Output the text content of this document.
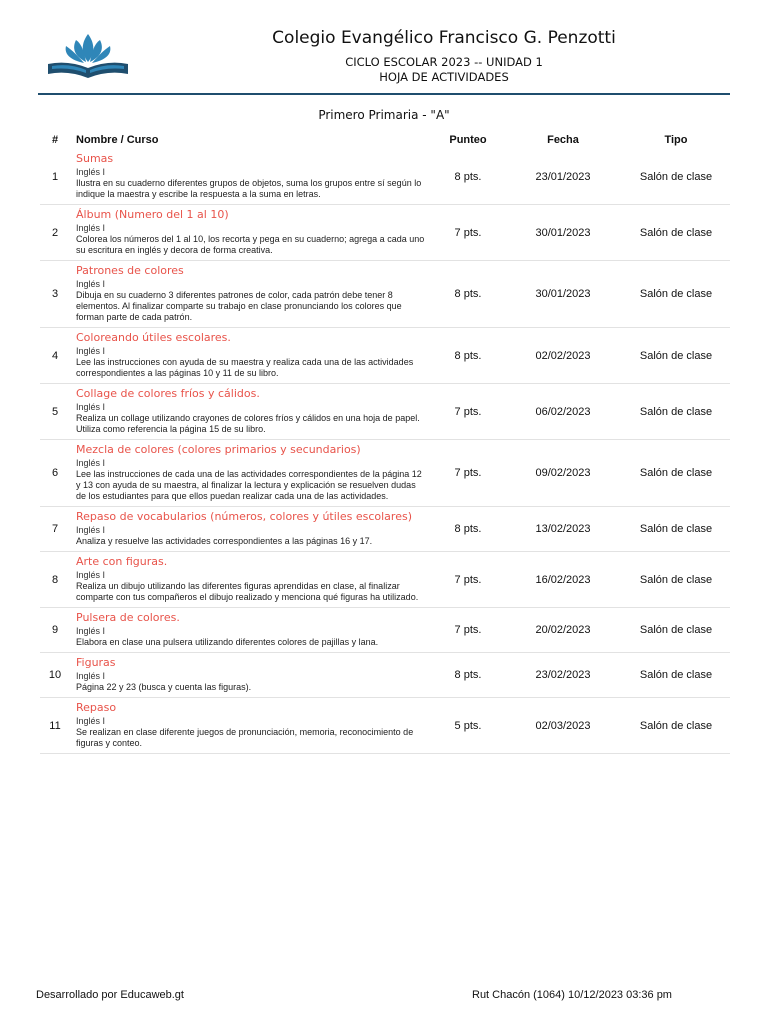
Colegio Evangélico Francisco G. Penzotti
CICLO ESCOLAR 2023 -- UNIDAD 1
HOJA DE ACTIVIDADES
Primero Primaria - "A"
#	Nombre / Curso	Punteo	Fecha	Tipo
1	Sumas
Inglés I
Ilustra en su cuaderno diferentes grupos de objetos, suma los grupos entre sí según lo indique la maestra y escribe la respuesta a la suma en letras.	8 pts.	23/01/2023	Salón de clase
2	Álbum (Numero del 1 al 10)
Inglés I
Colorea los números del 1 al 10, los recorta y pega en su cuaderno; agrega a cada uno su escritura en inglés y decora de forma creativa.	7 pts.	30/01/2023	Salón de clase
3	Patrones de colores
Inglés I
Dibuja en su cuaderno 3 diferentes patrones de color, cada patrón debe tener 8 elementos. Al finalizar comparte su trabajo en clase pronunciando los colores que forman parte de cada patrón.	8 pts.	30/01/2023	Salón de clase
4	Coloreando útiles escolares.
Inglés I
Lee las instrucciones con ayuda de su maestra y realiza cada una de las actividades correspondientes a las páginas 10 y 11 de su libro.	8 pts.	02/02/2023	Salón de clase
5	Collage de colores fríos y cálidos.
Inglés I
Realiza un collage utilizando crayones de colores fríos y cálidos en una hoja de papel. Utiliza como referencia la página 15 de su libro.	7 pts.	06/02/2023	Salón de clase
6	Mezcla de colores (colores primarios y secundarios)
Inglés I
Lee las instrucciones de cada una de las actividades correspondientes de la página 12 y 13 con ayuda de su maestra, al finalizar la lectura y explicación se resuelven dudas de los estudiantes para que ellos puedan realizar cada una de las actividades.	7 pts.	09/02/2023	Salón de clase
7	Repaso de vocabularios (números, colores y útiles escolares)
Inglés I
Analiza y resuelve las actividades correspondientes a las páginas 16 y 17.	8 pts.	13/02/2023	Salón de clase
8	Arte con figuras.
Inglés I
Realiza un dibujo utilizando las diferentes figuras aprendidas en clase, al finalizar comparte con tus compañeros el dibujo realizado y menciona qué figuras ha utilizado.	7 pts.	16/02/2023	Salón de clase
9	Pulsera de colores.
Inglés I
Elabora en clase una pulsera utilizando diferentes colores de pajillas y lana.	7 pts.	20/02/2023	Salón de clase
10	Figuras
Inglés I
Página 22 y 23 (busca y cuenta las figuras).	8 pts.	23/02/2023	Salón de clase
11	Repaso
Inglés I
Se realizan en clase diferente juegos de pronunciación, memoria, reconocimiento de figuras y conteo.	5 pts.	02/03/2023	Salón de clase
Desarrollado por Educaweb.gt	Rut Chacón (1064) 10/12/2023 03:36 pm
